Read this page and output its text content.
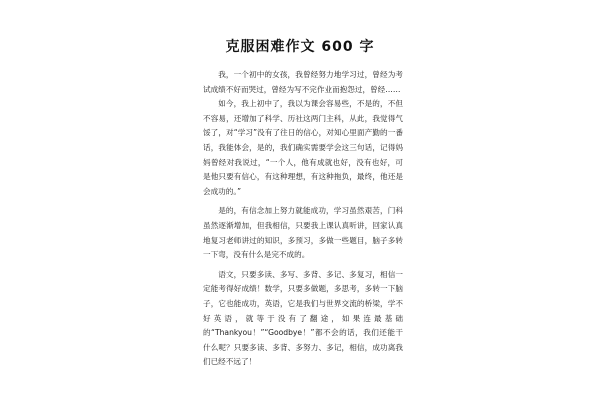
克服困难作文 600 字

我，一个初中的女孩，我曾经努力地学习过，曾经为考试成绩不好而哭过，曾经为写不完作业而抱怨过，曾经……

如今，我上初中了，我以为课会容易些，不是的，不但不容易，还增加了科学、历社这两门主科，从此，我觉得气馁了，对“学习”没有了往日的信心，对知心里面产勤的一番话，我能体会，是的，我们确实需要学会这三句话，记得妈妈曾经对我说过，“一个人，他有成就也好，没有也好，可是他只要有信心，有这种理想，有这种拖负，最终，他还是会成功的。”

是的，有信念加上努力就能成功，学习虽然艰苦，门科虽然逐渐增加，但我相信，只要我上课认真听讲，回家认真地复习老师讲过的知识，多预习，多做一些题目，脑子多转一下弯，没有什么是完不成的。

语文，只要多读、多写、多背、多记、多复习，相信一定能考得好成绩！数学，只要多做题，多思考，多转一下脑子，它也能成功，英语，它是我们与世界交流的桥梁，学不好英语，就等于没有了翻途，如果连最基础的“Thankyou！”“Goodbye！”都不会的话，我们还能干什么呢？只要多读、多背、多努力、多记，相信，成功离我们已经不远了！
